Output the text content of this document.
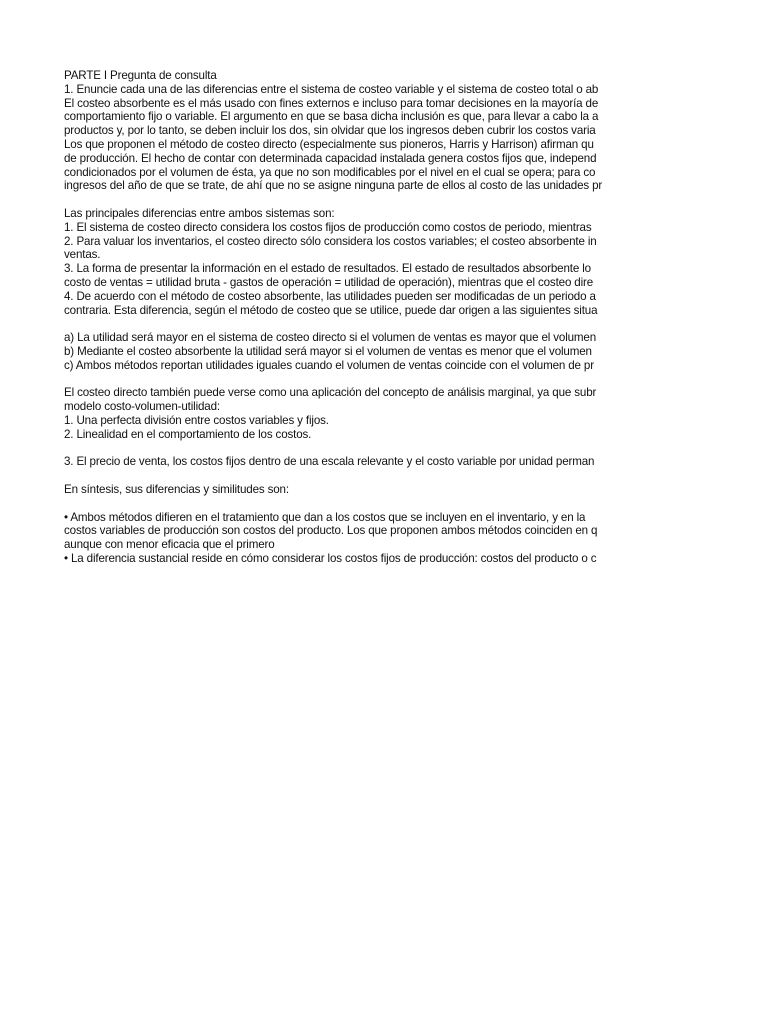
PARTE I Pregunta de consulta
1. Enuncie cada una de las diferencias entre el sistema de costeo variable y el sistema de costeo total o ab
El costeo absorbente es el más usado con fines externos e incluso para tomar decisiones en la mayoría de
comportamiento fijo o variable. El argumento en que se basa dicha inclusión es que, para llevar a cabo la a
productos y, por lo tanto, se deben incluir los dos, sin olvidar que los ingresos deben cubrir los costos varia
Los que proponen el método de costeo directo (especialmente sus pioneros, Harris y Harrison) afirman qu
de producción. El hecho de contar con determinada capacidad instalada genera costos fijos que, independ
condicionados por el volumen de ésta, ya que no son modificables por el nivel en el cual se opera; para co
ingresos del año de que se trate, de ahí que no se asigne ninguna parte de ellos al costo de las unidades pr
Las principales diferencias entre ambos sistemas son:
1. El sistema de costeo directo considera los costos fijos de producción como costos de periodo, mientras
2. Para valuar los inventarios, el costeo directo sólo considera los costos variables; el costeo absorbente in
ventas.
3. La forma de presentar la información en el estado de resultados. El estado de resultados absorbente lo
costo de ventas = utilidad bruta - gastos de operación = utilidad de operación), mientras que el costeo dire
4. De acuerdo con el método de costeo absorbente, las utilidades pueden ser modificadas de un periodo a
contraria. Esta diferencia, según el método de costeo que se utilice, puede dar origen a las siguientes situa
a) La utilidad será mayor en el sistema de costeo directo si el volumen de ventas es mayor que el volumen
b) Mediante el costeo absorbente la utilidad será mayor si el volumen de ventas es menor que el volumen
c) Ambos métodos reportan utilidades iguales cuando el volumen de ventas coincide con el volumen de pr
El costeo directo también puede verse como una aplicación del concepto de análisis marginal, ya que subr
modelo costo-volumen-utilidad:
1. Una perfecta división entre costos variables y fijos.
2. Linealidad en el comportamiento de los costos.
3. El precio de venta, los costos fijos dentro de una escala relevante y el costo variable por unidad perman
En síntesis, sus diferencias y similitudes son:
• Ambos métodos difieren en el tratamiento que dan a los costos que se incluyen en el inventario, y en la
costos variables de producción son costos del producto. Los que proponen ambos métodos coinciden en q
aunque con menor eficacia que el primero
• La diferencia sustancial reside en cómo considerar los costos fijos de producción: costos del producto o c
